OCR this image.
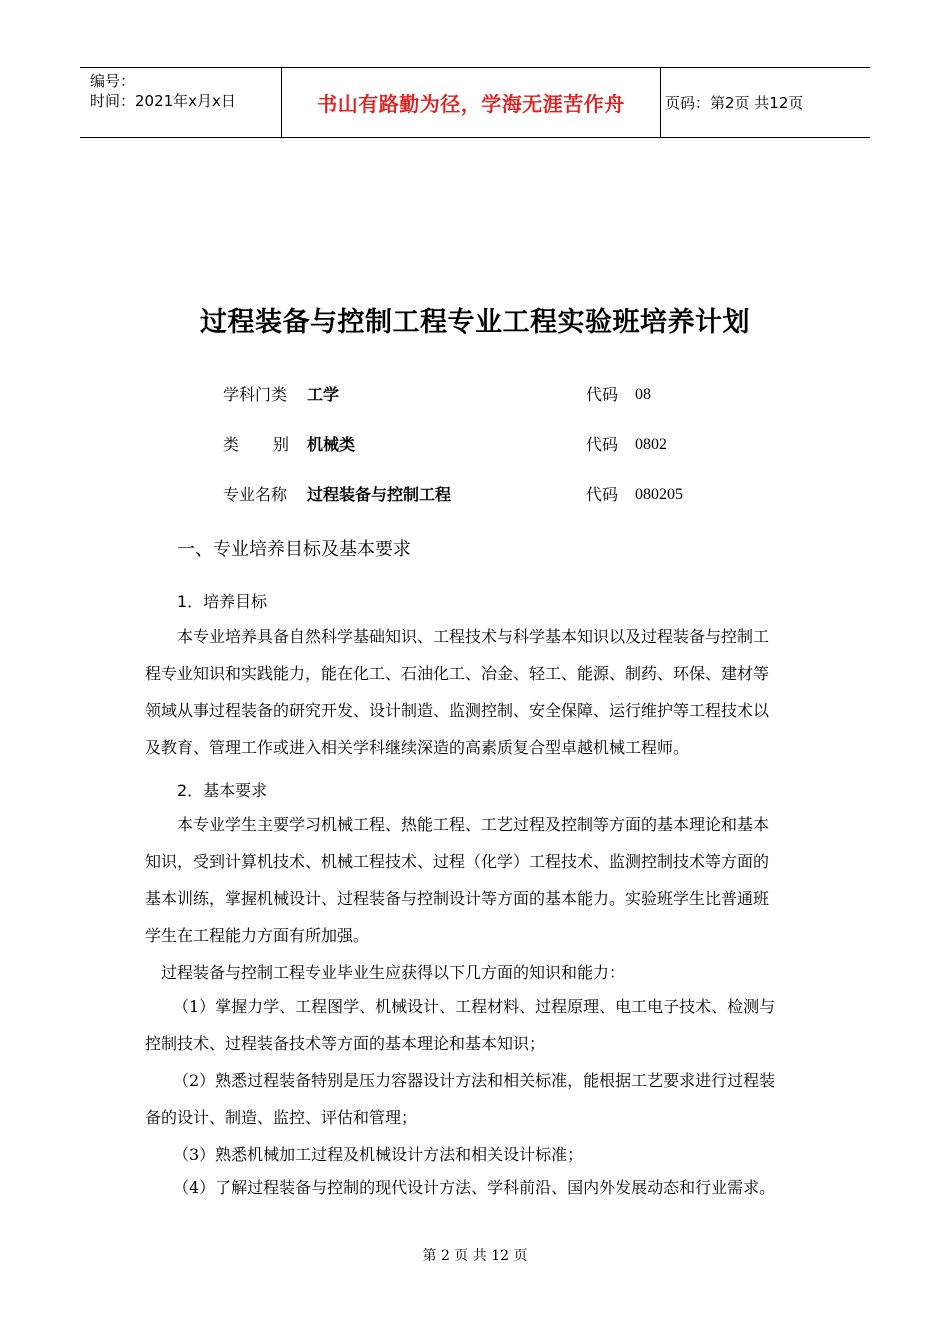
编号：
时间：2021年x月x日	书山有路勤为径，学海无涯苦作舟	页码：第2页 共12页
过程装备与控制工程专业工程实验班培养计划
学科门类 工学	代码 08
类 别 机械类	代码 0802
专业名称 过程装备与控制工程	代码 080205
一、专业培养目标及基本要求
1．培养目标
本专业培养具备自然科学基础知识、工程技术与科学基本知识以及过程装备与控制工
程专业知识和实践能力，能在化工、石油化工、冶金、轻工、能源、制药、环保、建材等
领域从事过程装备的研究开发、设计制造、监测控制、安全保障、运行维护等工程技术以
及教育、管理工作或进入相关学科继续深造的高素质复合型卓越机械工程师。
2．基本要求
本专业学生主要学习机械工程、热能工程、工艺过程及控制等方面的基本理论和基本
知识，受到计算机技术、机械工程技术、过程（化学）工程技术、监测控制技术等方面的
基本训练，掌握机械设计、过程装备与控制设计等方面的基本能力。实验班学生比普通班
学生在工程能力方面有所加强。
过程装备与控制工程专业毕业生应获得以下几方面的知识和能力：
（1）掌握力学、工程图学、机械设计、工程材料、过程原理、电工电子技术、检测与
控制技术、过程装备技术等方面的基本理论和基本知识；
（2）熟悉过程装备特别是压力容器设计方法和相关标准，能根据工艺要求进行过程装
备的设计、制造、监控、评估和管理；
（3）熟悉机械加工过程及机械设计方法和相关设计标准；
（4）了解过程装备与控制的现代设计方法、学科前沿、国内外发展动态和行业需求。
第 2 页 共 12 页
